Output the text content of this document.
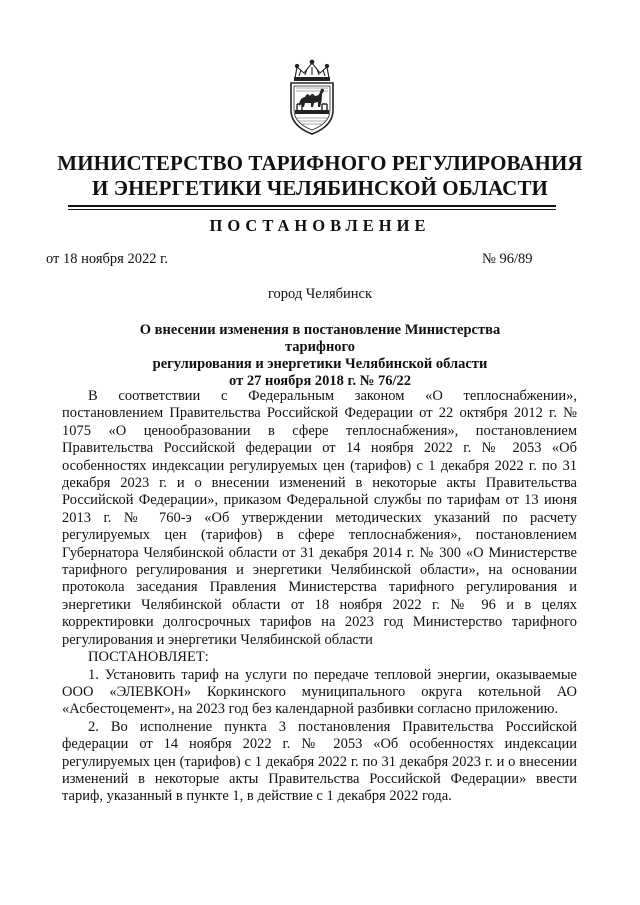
МИНИСТЕРСТВО ТАРИФНОГО РЕГУЛИРОВАНИЯ
И ЭНЕРГЕТИКИ ЧЕЛЯБИНСКОЙ ОБЛАСТИ
ПОСТАНОВЛЕНИЕ
от 18 ноября 2022 г.	№ 96/89
город Челябинск
О внесении изменения в постановление Министерства тарифного
регулирования и энергетики Челябинской области
от 27 ноября 2018 г. № 76/22

В соответствии с Федеральным законом «О теплоснабжении», постановлением Правительства Российской Федерации от 22 октября 2012 г. № 1075 «О ценообразовании в сфере теплоснабжения», постановлением Правительства Российской федерации от 14 ноября 2022 г. № 2053 «Об особенностях индексации регулируемых цен (тарифов) с 1 декабря 2022 г. по 31 декабря 2023 г. и о внесении изменений в некоторые акты Правительства Российской Федерации», приказом Федеральной службы по тарифам от 13 июня 2013 г. № 760-э «Об утверждении методических указаний по расчету регулируемых цен (тарифов) в сфере теплоснабжения», постановлением Губернатора Челябинской области от 31 декабря 2014 г. № 300 «О Министерстве тарифного регулирования и энергетики Челябинской области», на основании протокола заседания Правления Министерства тарифного регулирования и энергетики Челябинской области от 18 ноября 2022 г. № 96 и в целях корректировки долгосрочных тарифов на 2023 год Министерство тарифного регулирования и энергетики Челябинской области

ПОСТАНОВЛЯЕТ:

1. Установить тариф на услуги по передаче тепловой энергии, оказываемые ООО «ЭЛЕВКОН» Коркинского муниципального округа котельной АО «Асбестоцемент», на 2023 год без календарной разбивки согласно приложению.

2. Во исполнение пункта 3 постановления Правительства Российской федерации от 14 ноября 2022 г. № 2053 «Об особенностях индексации регулируемых цен (тарифов) с 1 декабря 2022 г. по 31 декабря 2023 г. и о внесении изменений в некоторые акты Правительства Российской Федерации» ввести тариф, указанный в пункте 1, в действие с 1 декабря 2022 года.
